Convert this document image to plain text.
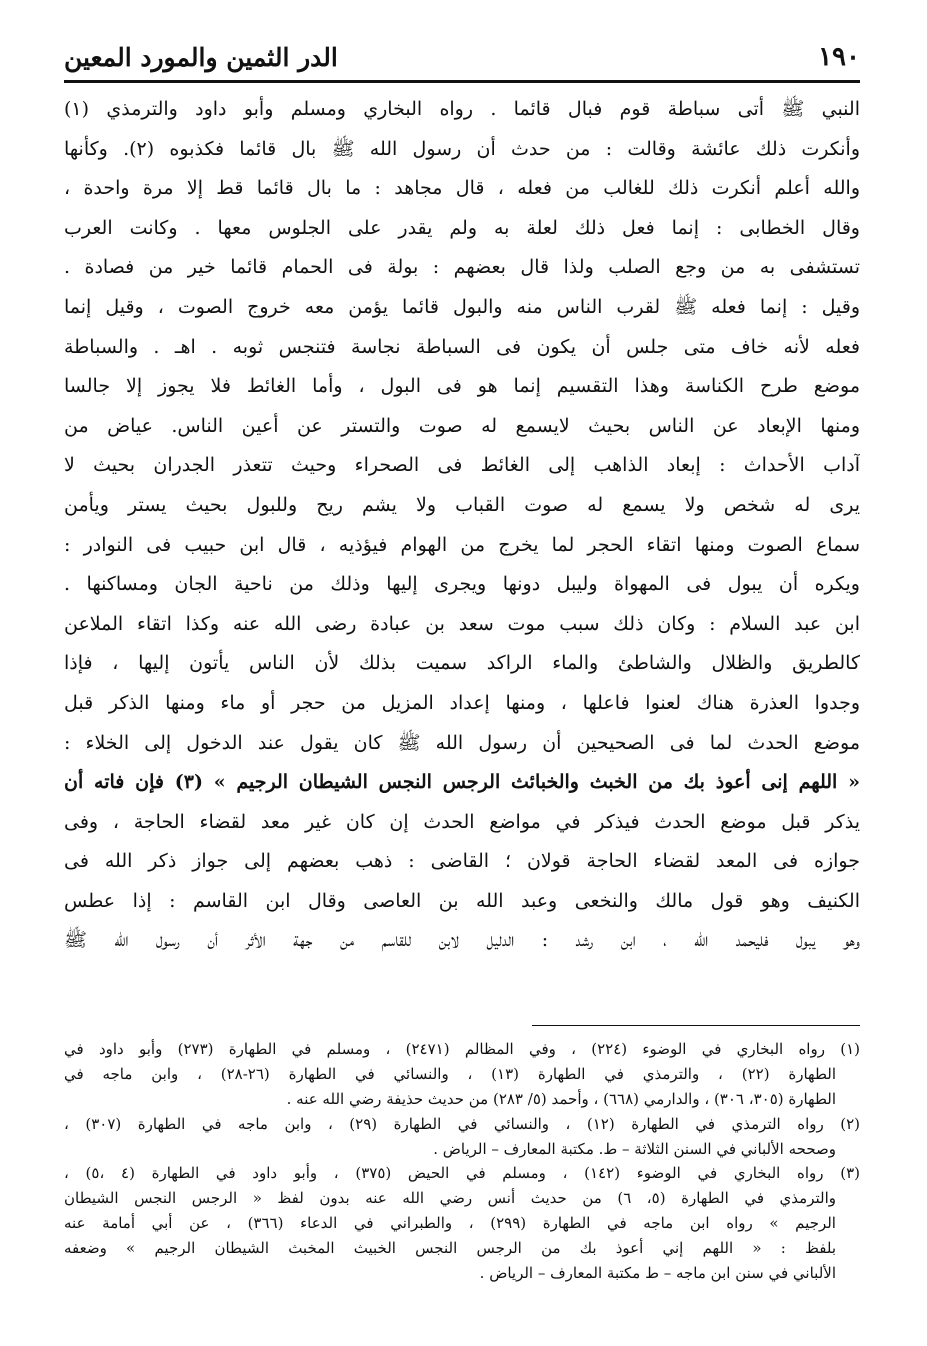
١٩٠
الدر الثمين والمورد المعين
النبي ﷺ أتى سباطة قوم فبال قائما . رواه البخاري ومسلم وأبو داود والترمذي (١)
وأنكرت ذلك عائشة وقالت : من حدث أن رسول الله ﷺ بال قائما فكذبوه (٢). وكأنها
والله أعلم أنكرت ذلك للغالب من فعله ، قال مجاهد : ما بال قائما قط إلا مرة واحدة ،
وقال الخطابى : إنما فعل ذلك لعلة به ولم يقدر على الجلوس معها . وكانت العرب
تستشفى به من وجع الصلب ولذا قال بعضهم : بولة فى الحمام قائما خير من فصادة .
وقيل : إنما فعله ﷺ لقرب الناس منه والبول قائما يؤمن معه خروج الصوت ، وقيل إنما
فعله لأنه خاف متى جلس أن يكون فى السباطة نجاسة فتنجس ثوبه . اهـ . والسباطة
موضع طرح الكناسة وهذا التقسيم إنما هو فى البول ، وأما الغائط فلا يجوز إلا جالسا
ومنها الإبعاد عن الناس بحيث لايسمع له صوت والتستر عن أعين الناس. عياض من
آداب الأحداث : إبعاد الذاهب إلى الغائط فى الصحراء وحيث تتعذر الجدران بحيث لا
يرى له شخص ولا يسمع له صوت القباب ولا يشم ريح وللبول بحيث يستر ويأمن
سماع الصوت ومنها اتقاء الحجر لما يخرج من الهوام فيؤذيه ، قال ابن حبيب فى النوادر :
ويكره أن يبول فى المهواة وليبل دونها ويجرى إليها وذلك من ناحية الجان ومساكنها .
ابن عبد السلام : وكان ذلك سبب موت سعد بن عبادة رضى الله عنه وكذا اتقاء الملاعن
كالطريق والظلال والشاطئ والماء الراكد سميت بذلك لأن الناس يأتون إليها ، فإذا
وجدوا العذرة هناك لعنوا فاعلها ، ومنها إعداد المزيل من حجر أو ماء ومنها الذكر قبل
موضع الحدث لما فى الصحيحين أن رسول الله ﷺ كان يقول عند الدخول إلى الخلاء :
« اللهم إنى أعوذ بك من الخبث والخبائث الرجس النجس الشيطان الرجيم » (٣) فإن فاته أن
يذكر قبل موضع الحدث فيذكر في مواضع الحدث إن كان غير معد لقضاء الحاجة ، وفى
جوازه فى المعد لقضاء الحاجة قولان ؛ القاضى : ذهب بعضهم إلى جواز ذكر الله فى
الكنيف وهو قول مالك والنخعى وعبد الله بن العاصى وقال ابن القاسم : إذا عطس
وهو يبول فليحمد الله ، ابن رشد : الدليل لابن للقاسم من جهة الأثر أن رسول الله ﷺ
(١) رواه البخاري في الوضوء (٢٢٤) ، وفي المظالم (٢٤٧١) ، ومسلم في الطهارة (٢٧٣) وأبو داود في
الطهارة (٢٢) ، والترمذي في الطهارة (١٣) ، والنسائي في الطهارة (٢٦-٢٨) ، وابن ماجه في
الطهارة (٣٠٥، ٣٠٦) ، والدارمي (٦٦٨) ، وأحمد (٥/ ٢٨٣) من حديث حذيفة رضي الله عنه .
(٢) رواه الترمذي في الطهارة (١٢) ، والنسائي في الطهارة (٢٩) ، وابن ماجه في الطهارة (٣٠٧) ،
وصححه الألباني في السنن الثلاثة – ط. مكتبة المعارف – الرياض .
(٣) رواه البخاري في الوضوء (١٤٢) ، ومسلم في الحيض (٣٧٥) ، وأبو داود في الطهارة (٤ ،٥) ،
والترمذي في الطهارة (٥، ٦) من حديث أنس رضي الله عنه بدون لفظ « الرجس النجس الشيطان
الرجيم » رواه ابن ماجه في الطهارة (٢٩٩) ، والطبراني في الدعاء (٣٦٦) ، عن أبي أمامة عنه
بلفظ : « اللهم إني أعوذ بك من الرجس النجس الخبيث المخبث الشيطان الرجيم » وضعفه
الألباني في سنن ابن ماجه – ط مكتبة المعارف – الرياض .
